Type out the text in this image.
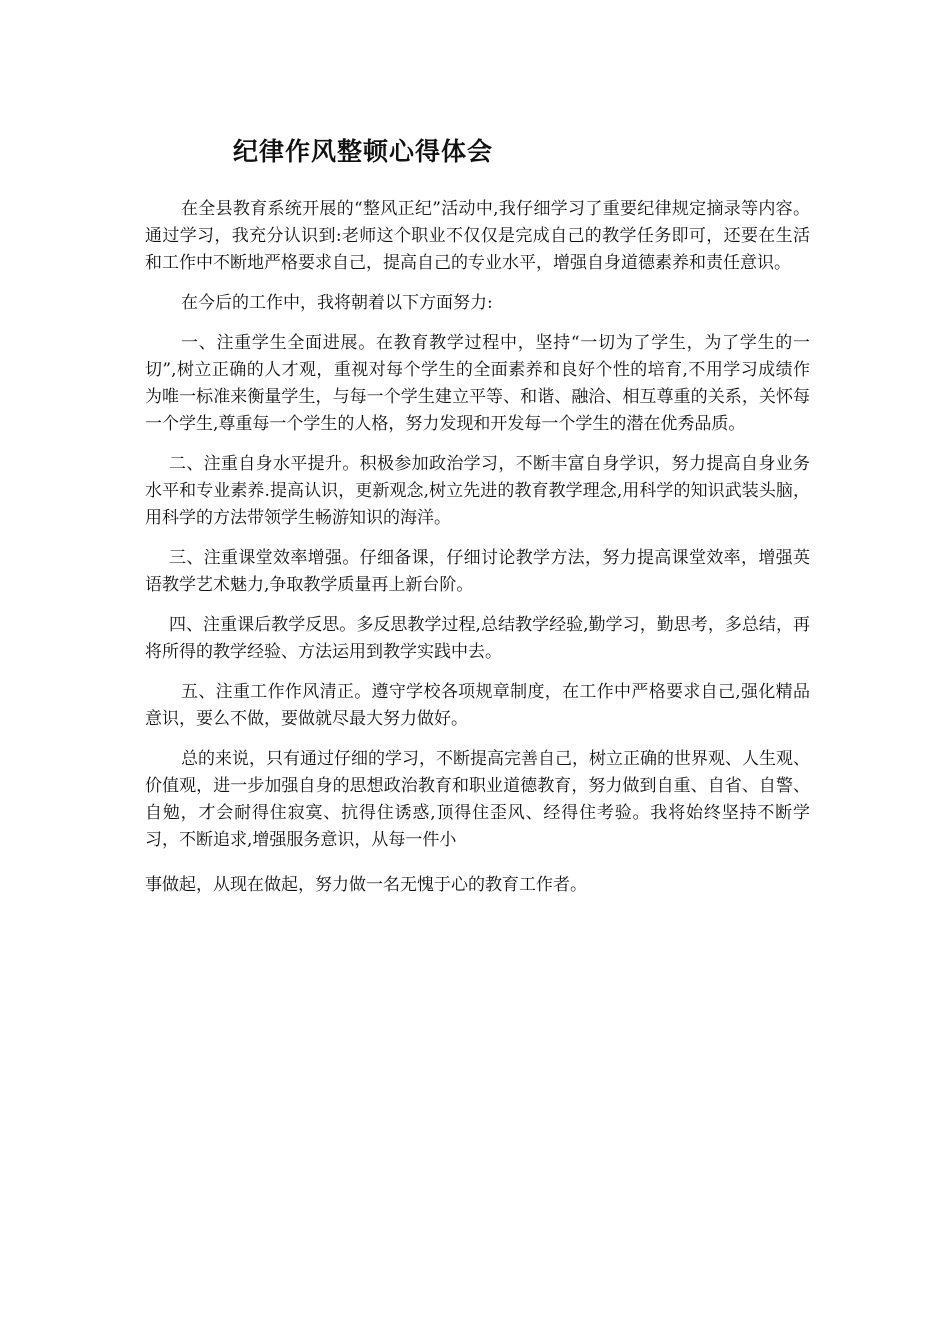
纪律作风整顿心得体会

在全县教育系统开展的“整风正纪”活动中,我仔细学习了重要纪律规定摘录等内容。通过学习，我充分认识到:老师这个职业不仅仅是完成自己的教学任务即可，还要在生活和工作中不断地严格要求自己，提高自己的专业水平，增强自身道德素养和责任意识。

在今后的工作中，我将朝着以下方面努力:

一、注重学生全面进展。在教育教学过程中，坚持“一切为了学生，为了学生的一切”,树立正确的人才观，重视对每个学生的全面素养和良好个性的培育,不用学习成绩作为唯一标准来衡量学生，与每一个学生建立平等、和谐、融洽、相互尊重的关系，关怀每一个学生,尊重每一个学生的人格，努力发现和开发每一个学生的潜在优秀品质。

二、注重自身水平提升。积极参加政治学习，不断丰富自身学识，努力提高自身业务水平和专业素养.提高认识，更新观念,树立先进的教育教学理念,用科学的知识武装头脑，用科学的方法带领学生畅游知识的海洋。

三、注重课堂效率增强。仔细备课，仔细讨论教学方法，努力提高课堂效率，增强英语教学艺术魅力,争取教学质量再上新台阶。

四、注重课后教学反思。多反思教学过程,总结教学经验,勤学习，勤思考，多总结，再将所得的教学经验、方法运用到教学实践中去。

五、注重工作作风清正。遵守学校各项规章制度，在工作中严格要求自己,强化精品意识，要么不做，要做就尽最大努力做好。

总的来说，只有通过仔细的学习，不断提高完善自己，树立正确的世界观、人生观、价值观，进一步加强自身的思想政治教育和职业道德教育，努力做到自重、自省、自警、自勉，才会耐得住寂寞、抗得住诱惑,顶得住歪风、经得住考验。我将始终坚持不断学习，不断追求,增强服务意识，从每一件小

事做起，从现在做起，努力做一名无愧于心的教育工作者。
